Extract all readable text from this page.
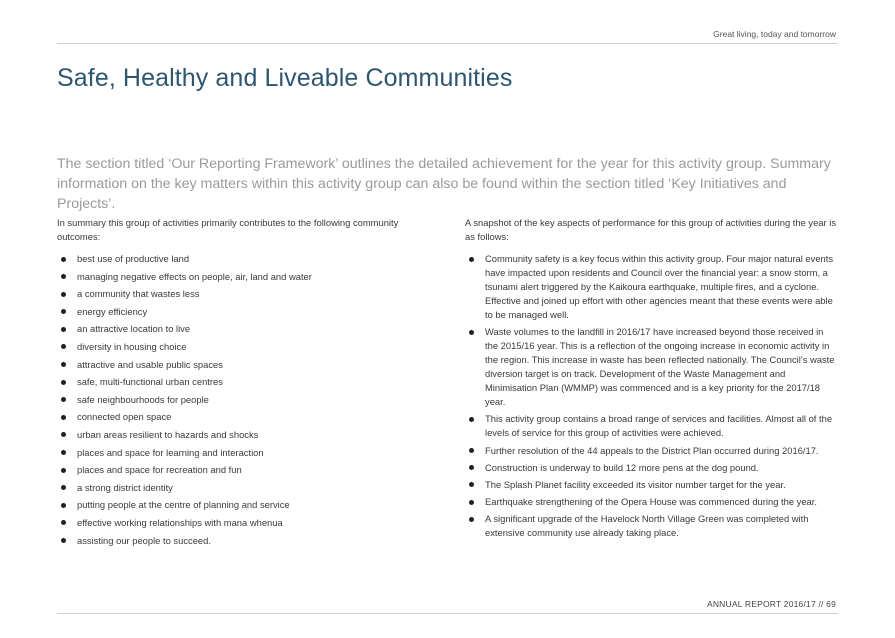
Great living, today and tomorrow
Safe, Healthy and Liveable Communities

The section titled ‘Our Reporting Framework’ outlines the detailed achievement for the year for this activity group. Summary information on the key matters within this activity group can also be found within the section titled ‘Key Initiatives and Projects’.

In summary this group of activities primarily contributes to the following community outcomes:

best use of productive land
managing negative effects on people, air, land and water
a community that wastes less
energy efficiency
an attractive location to live
diversity in housing choice
attractive and usable public spaces
safe, multi-functional urban centres
safe neighbourhoods for people
connected open space
urban areas resilient to hazards and shocks
places and space for learning and interaction
places and space for recreation and fun
a strong district identity
putting people at the centre of planning and service
effective working relationships with mana whenua
assisting our people to succeed.

A snapshot of the key aspects of performance for this group of activities during the year is as follows:

Community safety is a key focus within this activity group. Four major natural events have impacted upon residents and Council over the financial year: a snow storm, a tsunami alert triggered by the Kaikoura earthquake, multiple fires, and a cyclone. Effective and joined up effort with other agencies meant that these events were able to be managed well.
Waste volumes to the landfill in 2016/17 have increased beyond those received in the 2015/16 year. This is a reflection of the ongoing increase in economic activity in the region. This increase in waste has been reflected nationally. The Council’s waste diversion target is on track. Development of the Waste Management and Minimisation Plan (WMMP) was commenced and is a key priority for the 2017/18 year.
This activity group contains a broad range of services and facilities. Almost all of the levels of service for this group of activities were achieved.
Further resolution of the 44 appeals to the District Plan occurred during 2016/17.
Construction is underway to build 12 more pens at the dog pound.
The Splash Planet facility exceeded its visitor number target for the year.
Earthquake strengthening of the Opera House was commenced during the year.
A significant upgrade of the Havelock North Village Green was completed with extensive community use already taking place.
ANNUAL REPORT 2016/17 // 69
